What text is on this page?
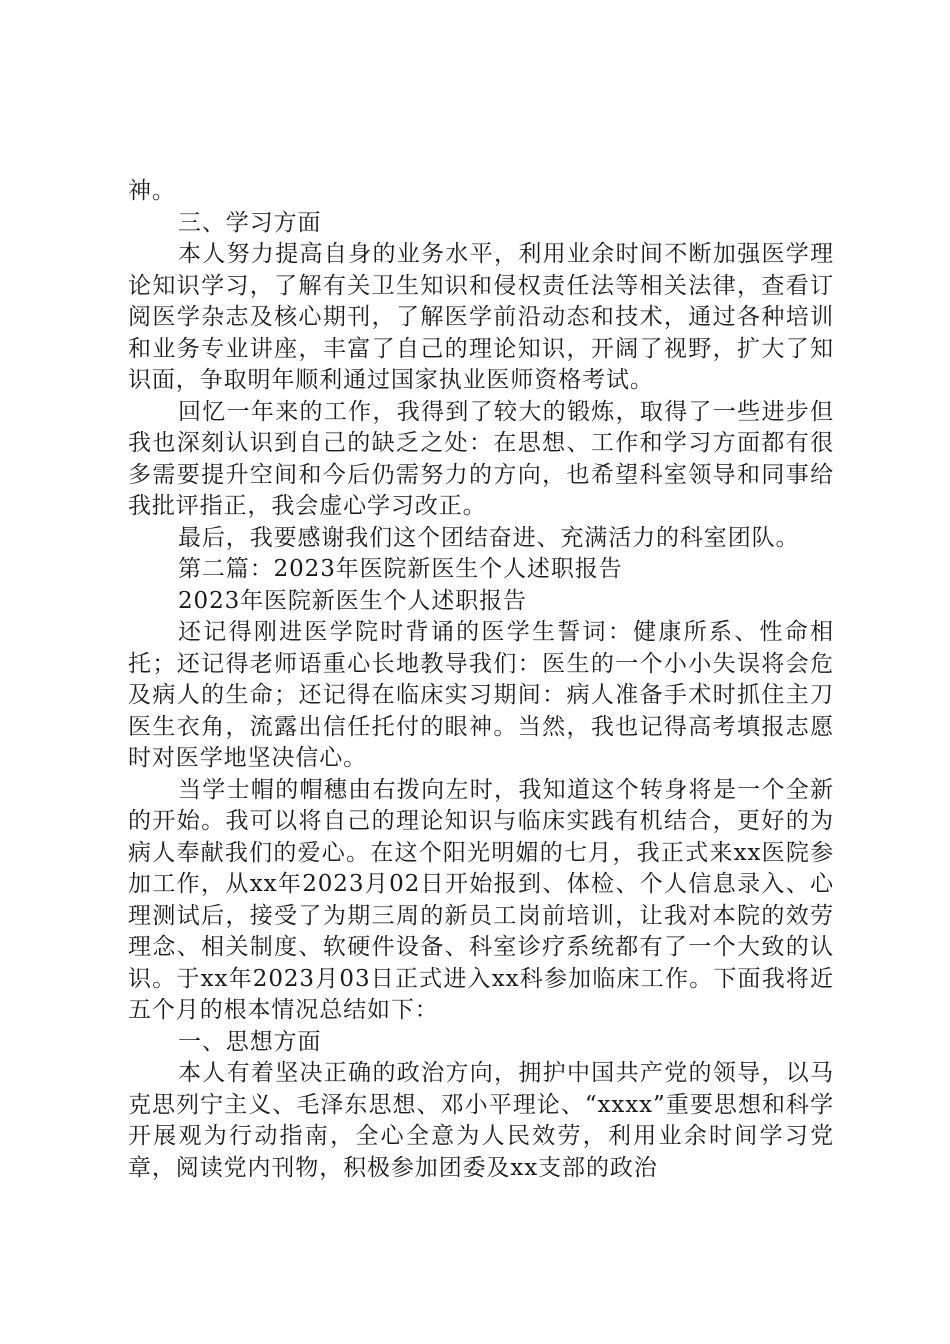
神。

三、学习方面

本人努力提高自身的业务水平，利用业余时间不断加强医学理论知识学习，了解有关卫生知识和侵权责任法等相关法律，查看订阅医学杂志及核心期刊，了解医学前沿动态和技术，通过各种培训和业务专业讲座，丰富了自己的理论知识，开阔了视野，扩大了知识面，争取明年顺利通过国家执业医师资格考试。

回忆一年来的工作，我得到了较大的锻炼，取得了一些进步但我也深刻认识到自己的缺乏之处：在思想、工作和学习方面都有很多需要提升空间和今后仍需努力的方向，也希望科室领导和同事给我批评指正，我会虚心学习改正。

最后，我要感谢我们这个团结奋进、充满活力的科室团队。

第二篇：2023年医院新医生个人述职报告

2023年医院新医生个人述职报告

还记得刚进医学院时背诵的医学生誓词：健康所系、性命相托；还记得老师语重心长地教导我们：医生的一个小小失误将会危及病人的生命；还记得在临床实习期间：病人准备手术时抓住主刀医生衣角，流露出信任托付的眼神。当然，我也记得高考填报志愿时对医学地坚决信心。

当学士帽的帽穗由右拨向左时，我知道这个转身将是一个全新的开始。我可以将自己的理论知识与临床实践有机结合，更好的为病人奉献我们的爱心。在这个阳光明媚的七月，我正式来xx医院参加工作，从xx年2023月02日开始报到、体检、个人信息录入、心理测试后，接受了为期三周的新员工岗前培训，让我对本院的效劳理念、相关制度、软硬件设备、科室诊疗系统都有了一个大致的认识。于xx年2023月03日正式进入xx科参加临床工作。下面我将近五个月的根本情况总结如下：

一、思想方面

本人有着坚决正确的政治方向，拥护中国共产党的领导，以马克思列宁主义、毛泽东思想、邓小平理论、“xxxx”重要思想和科学开展观为行动指南，全心全意为人民效劳，利用业余时间学习党章，阅读党内刊物，积极参加团委及xx支部的政治
